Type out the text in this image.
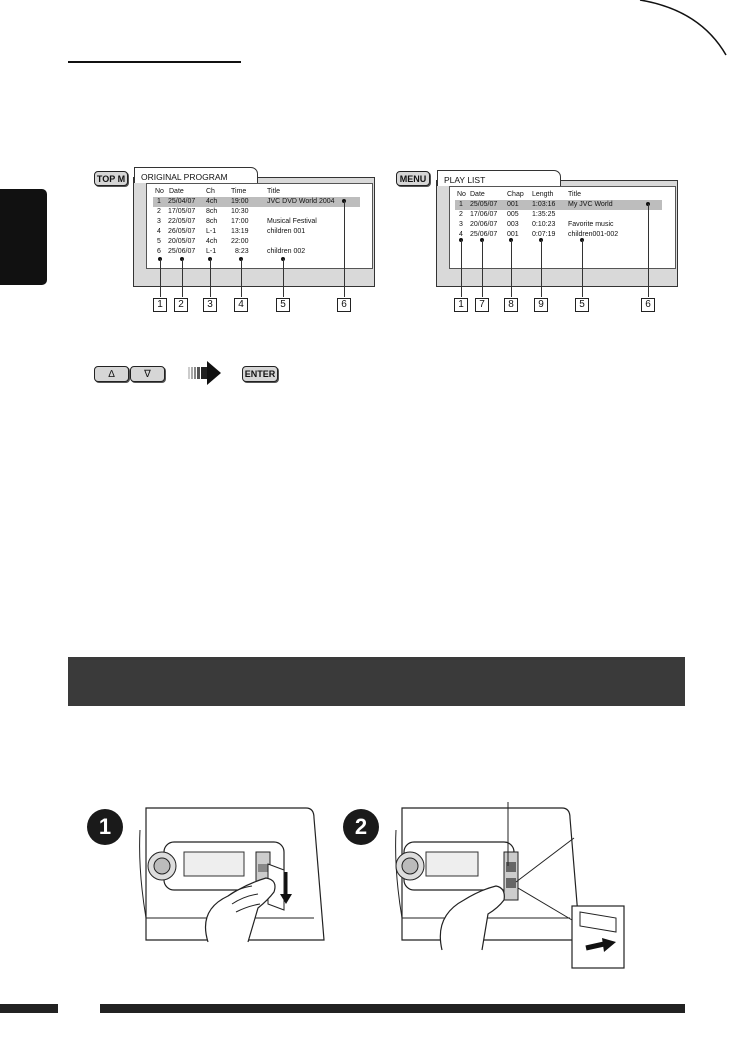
TOP M	ORIGINAL PROGRAM
No Date	Ch Time	Title
1 25/04/07 4ch 19:00	JVC DVD World 2004
2 17/05/07 8ch 10:30
3 22/05/07 8ch 17:00	Musical Festival
4 26/05/07 L-1 13:19	children 001
5 20/05/07 4ch 22:00
6 25/06/07 L-1	8:23	children 002
1	2	3	4	5	6
MENU	PLAY LIST
No Date	Chap Length Title
1 25/05/07 001 1:03:16 My JVC World
2 17/06/07 005 1:35:25
3 20/06/07 003 0:10:23 Favorite music
4 25/06/07 001 0:07:19 children001-002
1	7	8	9	5	6
∆	∇	ENTER
1	2
